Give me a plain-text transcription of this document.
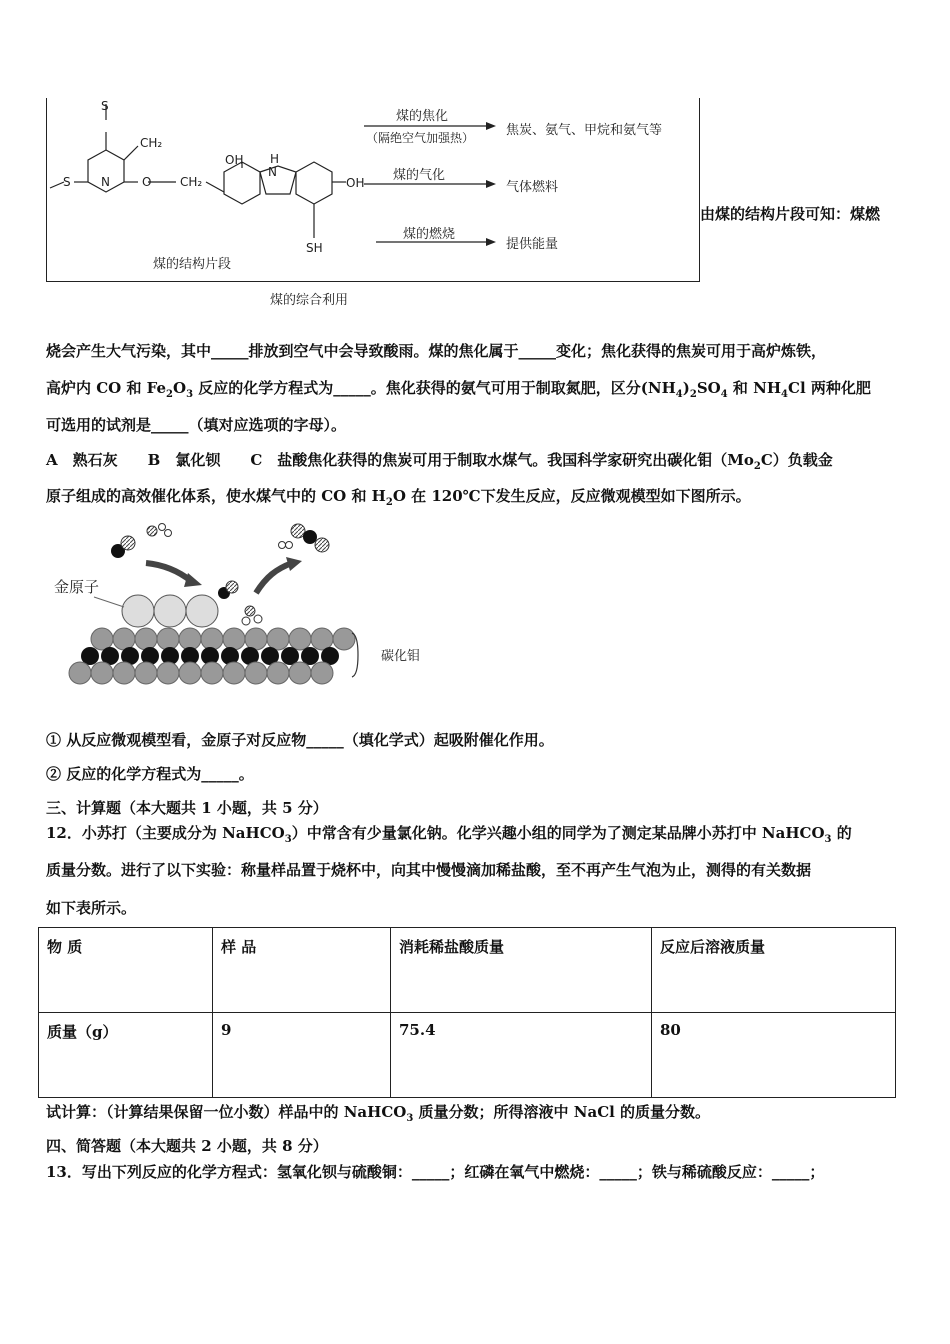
S
CH₂
S	N	O CH₂
OH H
N
OH
SH
煤的结构片段
煤的焦化
（隔绝空气加强热） 焦炭、氨气、甲烷和氨气等
煤的气化
气体燃料
煤的燃烧
提供能量
煤的综合利用
由煤的结构片段可知：煤燃
烧会产生大气污染，其中_____排放到空气中会导致酸雨。煤的焦化属于_____变化；焦化获得的焦炭可用于高炉炼铁，
高炉内 CO 和 $Fe_2O_3$ 反应的化学方程式为_____。焦化获得的氨气可用于制取氮肥，区分$(NH_4)_2SO_4$ 和 $NH_4Cl$ 两种化肥
可选用的试剂是_____（填对应选项的字母）。
A　熟石灰　　B　氯化钡　　C　盐酸焦化获得的焦炭可用于制取水煤气。我国科学家研究出碳化钼$(Mo_2C)$负载金
原子组成的高效催化体系，使水煤气中的 CO 和 $H_2O$ 在 120℃下发生反应，反应微观模型如下图所示。
金原子
碳化钼
① 从反应微观模型看，金原子对反应物_____（填化学式）起吸附催化作用。
② 反应的化学方程式为_____。
三、计算题（本大题共 1 小题，共 5 分）
12．小苏打（主要成分为 NaHCO$_3$）中常含有少量氯化钠。化学兴趣小组的同学为了测定某品牌小苏打中 NaHCO$_3$ 的
质量分数。进行了以下实验：称量样品置于烧杯中，向其中慢慢滴加稀盐酸，至不再产生气泡为止，测得的有关数据
如下表所示。
物 质	样 品	消耗稀盐酸质量	反应后溶液质量
质量（g）	9	75.4	80
试计算：（计算结果保留一位小数）样品中的 NaHCO$_3$ 质量分数；所得溶液中 NaCl 的质量分数。
四、简答题（本大题共 2 小题，共 8 分）
13．写出下列反应的化学方程式：氢氧化钡与硫酸铜：_____；红磷在氧气中燃烧：_____；铁与稀硫酸反应：_____；
